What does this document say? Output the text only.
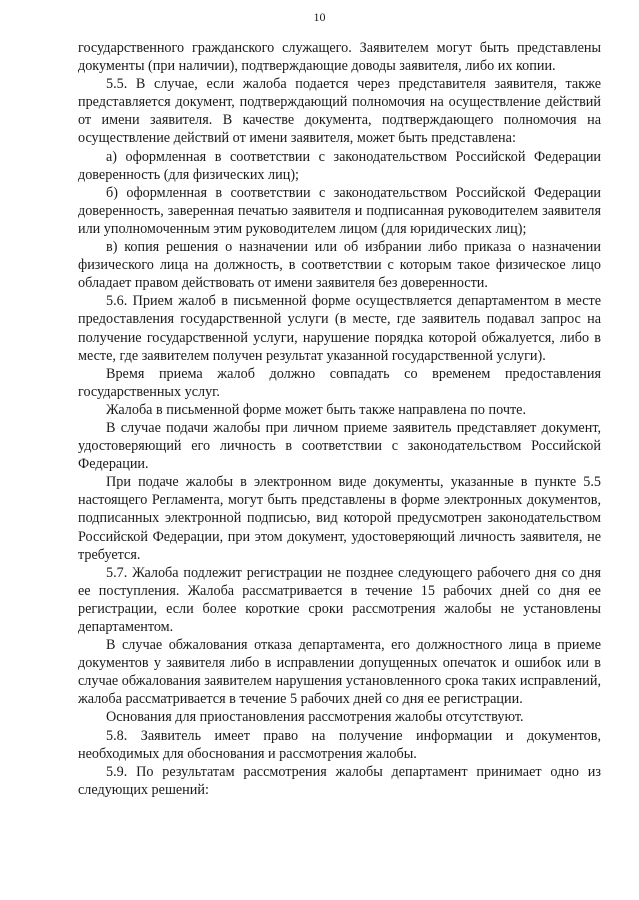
10

государственного гражданского служащего. Заявителем могут быть представлены документы (при наличии), подтверждающие доводы заявителя, либо их копии.

5.5. В случае, если жалоба подается через представителя заявителя, также представляется документ, подтверждающий полномочия на осуществление действий от имени заявителя. В качестве документа, подтверждающего полномочия на осуществление действий от имени заявителя, может быть представлена:

а) оформленная в соответствии с законодательством Российской Федерации доверенность (для физических лиц);

б) оформленная в соответствии с законодательством Российской Федерации доверенность, заверенная печатью заявителя и подписанная руководителем заявителя или уполномоченным этим руководителем лицом (для юридических лиц);

в) копия решения о назначении или об избрании либо приказа о назначении физического лица на должность, в соответствии с которым такое физическое лицо обладает правом действовать от имени заявителя без доверенности.

5.6. Прием жалоб в письменной форме осуществляется департаментом в месте предоставления государственной услуги (в месте, где заявитель подавал запрос на получение государственной услуги, нарушение порядка которой обжалуется, либо в месте, где заявителем получен результат указанной государственной услуги).

Время приема жалоб должно совпадать со временем предоставления государственных услуг.

Жалоба в письменной форме может быть также направлена по почте.

В случае подачи жалобы при личном приеме заявитель представляет документ, удостоверяющий его личность в соответствии с законодательством Российской Федерации.

При подаче жалобы в электронном виде документы, указанные в пункте 5.5 настоящего Регламента, могут быть представлены в форме электронных документов, подписанных электронной подписью, вид которой предусмотрен законодательством Российской Федерации, при этом документ, удостоверяющий личность заявителя, не требуется.

5.7. Жалоба подлежит регистрации не позднее следующего рабочего дня со дня ее поступления. Жалоба рассматривается в течение 15 рабочих дней со дня ее регистрации, если более короткие сроки рассмотрения жалобы не установлены департаментом.

В случае обжалования отказа департамента, его должностного лица в приеме документов у заявителя либо в исправлении допущенных опечаток и ошибок или в случае обжалования заявителем нарушения установленного срока таких исправлений, жалоба рассматривается в течение 5 рабочих дней со дня ее регистрации.

Основания для приостановления рассмотрения жалобы отсутствуют.

5.8. Заявитель имеет право на получение информации и документов, необходимых для обоснования и рассмотрения жалобы.

5.9. По результатам рассмотрения жалобы департамент принимает одно из следующих решений:
